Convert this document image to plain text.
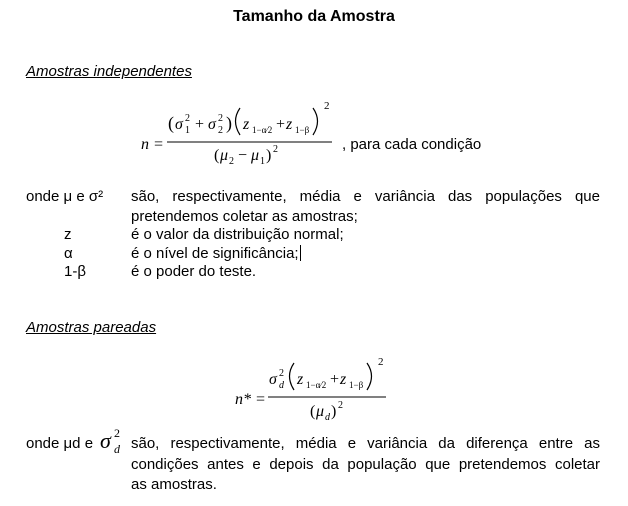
Tamanho da Amostra
Amostras independentes
n =
( σ 2
1 + σ 2
2 ) z 1−α⁄2 + z 1−β
2
( μ 2 − μ 1 ) 2	, para cada condição
onde μ e σ² são, respectivamente, média e variância das populações que
pretendemos coletar as amostras;
z	é o valor da distribuição normal;
α	é o nível de significância;
1-β	é o poder do teste.
Amostras pareadas
n* =
σ 2
d z 1−α⁄2 + z 1−β
2
( μ d ) 2
onde μd e σ 2
d são, respectivamente, média e variância da diferença entre as
condições antes e depois da população que pretendemos coletar
as amostras.
